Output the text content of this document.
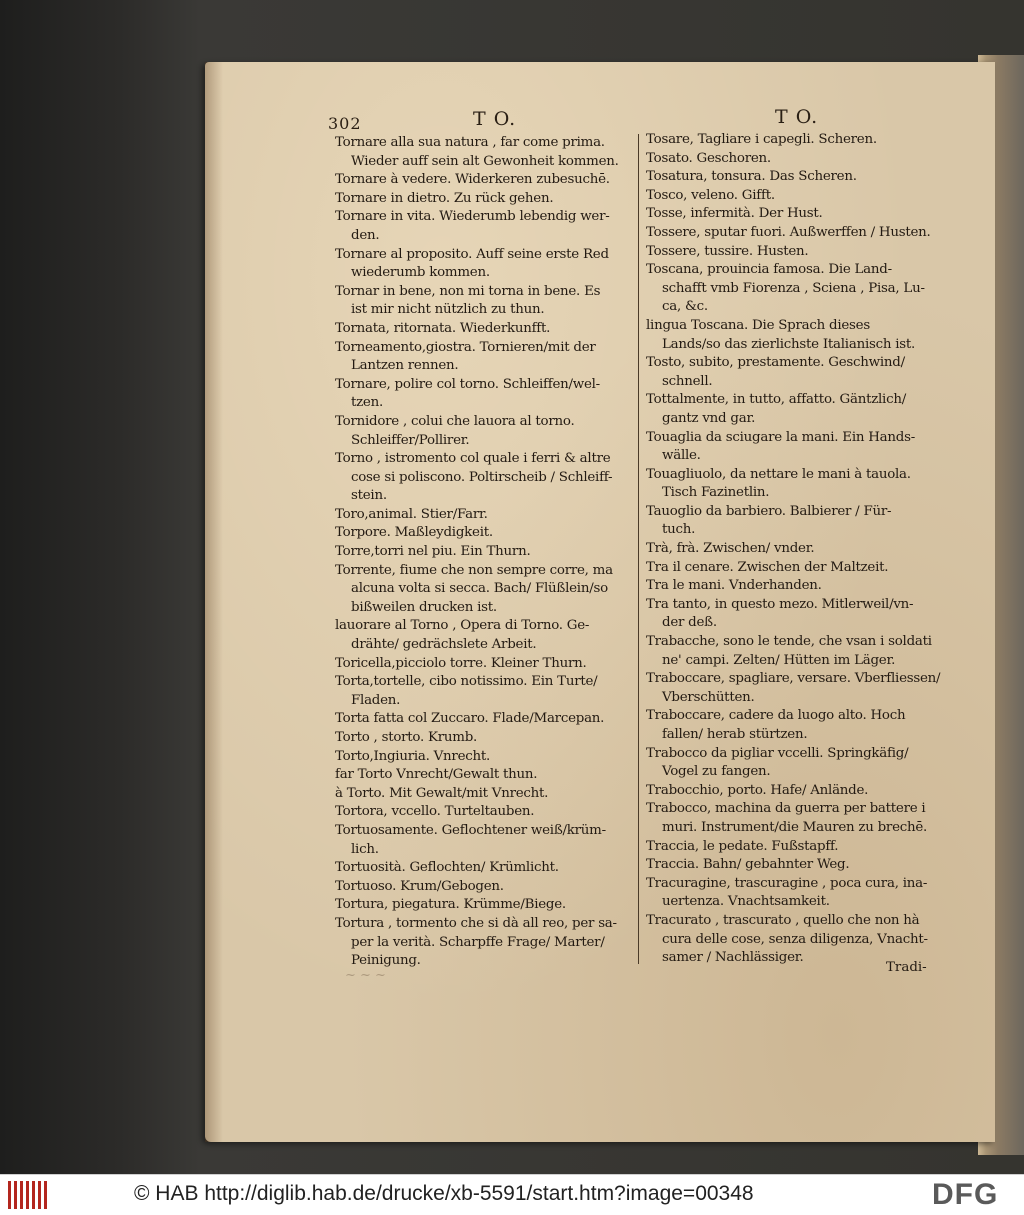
302	T O.	T O.
Tornare alla sua natura , far come prima.
Wieder auff sein alt Gewonheit kommen.
Tornare à vedere. Widerkeren zubesuchē.
Tornare in dietro. Zu rück gehen.
Tornare in vita. Wiederumb lebendig wer-
den.
Tornare al proposito. Auff seine erste Red
wiederumb kommen.
Tornar in bene, non mi torna in bene. Es
ist mir nicht nützlich zu thun.
Tornata, ritornata. Wiederkunfft.
Torneamento,giostra. Tornieren/mit der
Lantzen rennen.
Tornare, polire col torno. Schleiffen/wel-
tzen.
Tornidore , colui che lauora al torno.
Schleiffer/Pollirer.
Torno , istromento col quale i ferri & altre
cose si poliscono. Poltirscheib / Schleiff-
stein.
Toro,animal. Stier/Farr.
Torpore. Maßleydigkeit.
Torre,torri nel piu. Ein Thurn.
Torrente, fiume che non sempre corre, ma
alcuna volta si secca. Bach/ Flüßlein/so
bißweilen drucken ist.
lauorare al Torno , Opera di Torno. Ge-
drähte/ gedrächslete Arbeit.
Toricella,picciolo torre. Kleiner Thurn.
Torta,tortelle, cibo notissimo. Ein Turte/
Fladen.
Torta fatta col Zuccaro. Flade/Marcepan.
Torto , storto. Krumb.
Torto,Ingiuria. Vnrecht.
far Torto Vnrecht/Gewalt thun.
à Torto. Mit Gewalt/mit Vnrecht.
Tortora, vccello. Turteltauben.
Tortuosamente. Geflochtener weiß/krüm-
lich.
Tortuosità. Geflochten/ Krümlicht.
Tortuoso. Krum/Gebogen.
Tortura, piegatura. Krümme/Biege.
Tortura , tormento che si dà all reo, per sa-
per la verità. Scharpffe Frage/ Marter/
Peinigung.
Tosare, Tagliare i capegli. Scheren.
Tosato. Geschoren.
Tosatura, tonsura. Das Scheren.
Tosco, veleno. Gifft.
Tosse, infermità. Der Hust.
Tossere, sputar fuori. Außwerffen / Husten.
Tossere, tussire. Husten.
Toscana, prouincia famosa. Die Land-
schafft vmb Fiorenza , Sciena , Pisa, Lu-
ca, &c.
lingua Toscana. Die Sprach dieses
Lands/so das zierlichste Italianisch ist.
Tosto, subito, prestamente. Geschwind/
schnell.
Tottalmente, in tutto, affatto. Gäntzlich/
gantz vnd gar.
Touaglia da sciugare la mani. Ein Hands-
wälle.
Touagliuolo, da nettare le mani à tauola.
Tisch Fazinetlin.
Tauoglio da barbiero. Balbierer / Für-
tuch.
Trà, frà. Zwischen/ vnder.
Tra il cenare. Zwischen der Maltzeit.
Tra le mani. Vnderhanden.
Tra tanto, in questo mezo. Mitlerweil/vn-
der deß.
Trabacche, sono le tende, che vsan i soldati
ne' campi. Zelten/ Hütten im Läger.
Traboccare, spagliare, versare. Vberfliessen/
Vberschütten.
Traboccare, cadere da luogo alto. Hoch
fallen/ herab stürtzen.
Trabocco da pigliar vccelli. Springkäfig/
Vogel zu fangen.
Trabocchio, porto. Hafe/ Anlände.
Trabocco, machina da guerra per battere i
muri. Instrument/die Mauren zu brechē.
Traccia, le pedate. Fußstapff.
Traccia. Bahn/ gebahnter Weg.
Tracuragine, trascuragine , poca cura, ina-
uertenza. Vnachtsamkeit.
Tracurato , trascurato , quello che non hà
cura delle cose, senza diligenza, Vnacht-
samer / Nachlässiger.
Tradi-
~ ~ ~
© HAB http://diglib.hab.de/drucke/xb-5591/start.htm?image=00348	DFG
